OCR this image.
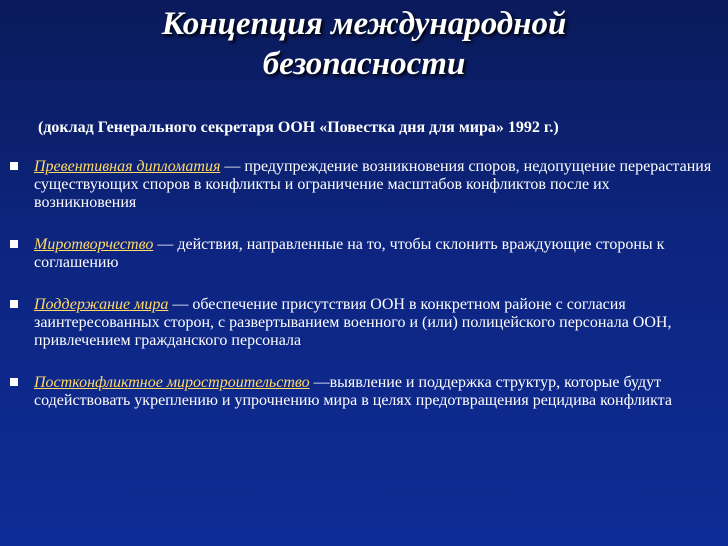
Концепция международной
безопасности
(доклад Генерального секретаря ООН «Повестка дня для мира» 1992 г.)
Превентивная дипломатия — предупреждение возникновения споров, недопущение перерастания существующих споров в конфликты и ограничение масштабов конфликтов после их возникновения
Миротворчество — действия, направленные на то, чтобы склонить враждующие стороны к соглашению
Поддержание мира — обеспечение присутствия ООН в конкретном районе с согласия заинтересованных сторон, с развертыванием военного и (или) полицейского персонала ООН, привлечением гражданского персонала
Постконфликтное миростроительство —выявление и поддержка структур, которые будут содействовать укреплению и упрочнению мира в целях предотвращения рецидива конфликта
